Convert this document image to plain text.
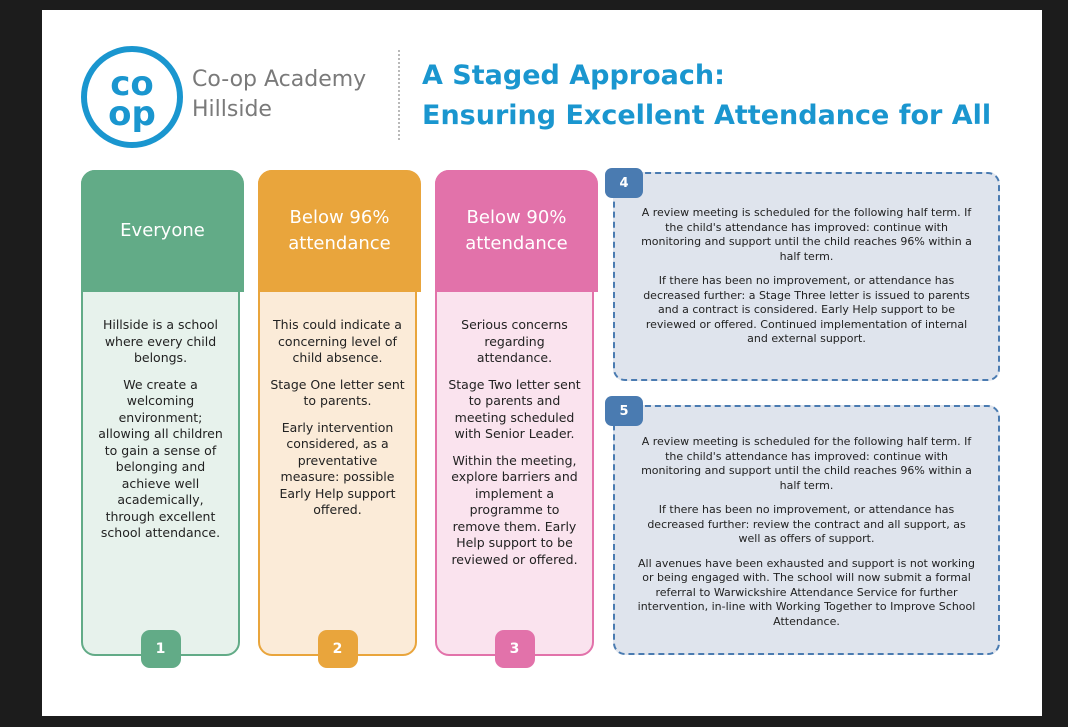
co
op
Co-op Academy
Hillside
A Staged Approach:
Ensuring Excellent Attendance for All
Everyone

Hillside is a school where every child belongs.

We create a welcoming environment; allowing all children to gain a sense of belonging and achieve well academically, through excellent school attendance.

1
Below 96% attendance

This could indicate a concerning level of child absence.

Stage One letter sent to parents.

Early intervention considered, as a preventative measure: possible Early Help support offered.

2
Below 90% attendance

Serious concerns regarding attendance.

Stage Two letter sent to parents and meeting scheduled with Senior Leader.

Within the meeting, explore barriers and implement a programme to remove them. Early Help support to be reviewed or offered.

3

A review meeting is scheduled for the following half term. If the child's attendance has improved: continue with monitoring and support until the child reaches 96% within a half term.

If there has been no improvement, or attendance has decreased further: a Stage Three letter is issued to parents and a contract is considered. Early Help support to be reviewed or offered. Continued implementation of internal and external support.

4

A review meeting is scheduled for the following half term. If the child's attendance has improved: continue with monitoring and support until the child reaches 96% within a half term.

If there has been no improvement, or attendance has decreased further: review the contract and all support, as well as offers of support.

All avenues have been exhausted and support is not working or being engaged with. The school will now submit a formal referral to Warwickshire Attendance Service for further intervention, in-line with Working Together to Improve School Attendance.

5
